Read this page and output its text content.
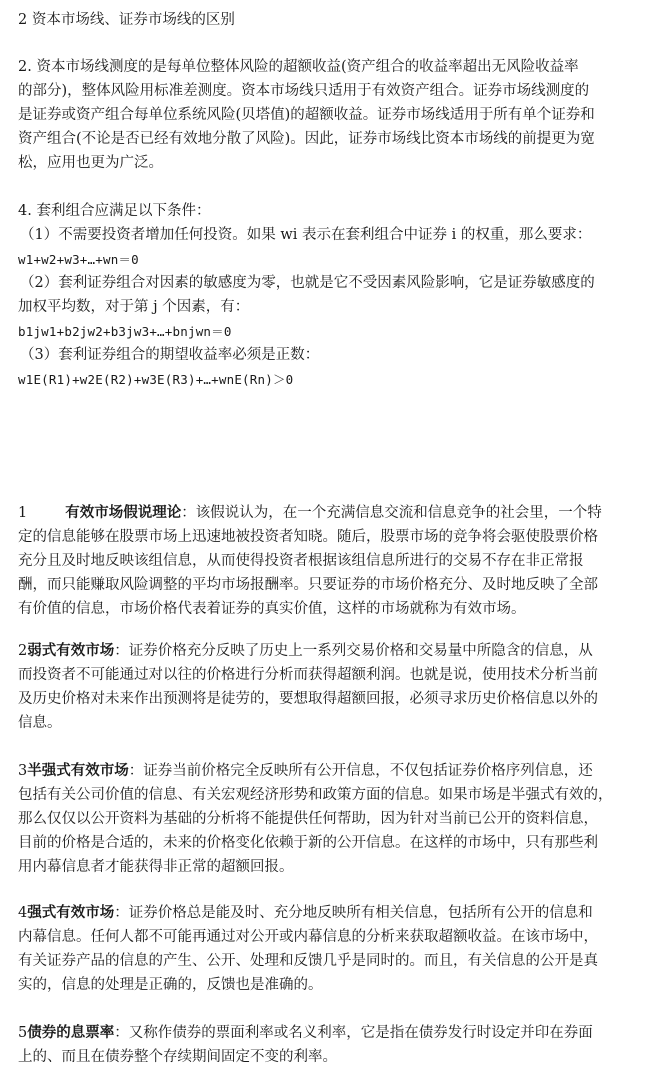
2 资本市场线、证券市场线的区别
2. 资本市场线测度的是每单位整体风险的超额收益(资产组合的收益率超出无风险收益率
的部分)，整体风险用标准差测度。资本市场线只适用于有效资产组合。证券市场线测度的
是证券或资产组合每单位系统风险(贝塔值)的超额收益。证券市场线适用于所有单个证券和
资产组合(不论是否已经有效地分散了风险)。因此，证券市场线比资本市场线的前提更为宽
松，应用也更为广泛。
4. 套利组合应满足以下条件：
（1）不需要投资者增加任何投资。如果 wi 表示在套利组合中证券 i 的权重，那么要求：
w1+w2+w3+…+wn＝0
（2）套利证券组合对因素的敏感度为零，也就是它不受因素风险影响，它是证券敏感度的
加权平均数，对于第 j 个因素，有：
b1jw1+b2jw2+b3jw3+…+bnjwn＝0
（3）套利证券组合的期望收益率必须是正数：
w1E(R1)+w2E(R2)+w3E(R3)+…+wnE(Rn)＞0
1	有效市场假说理论：该假说认为，在一个充满信息交流和信息竞争的社会里，一个特
定的信息能够在股票市场上迅速地被投资者知晓。随后，股票市场的竞争将会驱使股票价格
充分且及时地反映该组信息，从而使得投资者根据该组信息所进行的交易不存在非正常报
酬，而只能赚取风险调整的平均市场报酬率。只要证券的市场价格充分、及时地反映了全部
有价值的信息，市场价格代表着证券的真实价值，这样的市场就称为有效市场。
2弱式有效市场：证券价格充分反映了历史上一系列交易价格和交易量中所隐含的信息，从
而投资者不可能通过对以往的价格进行分析而获得超额利润。也就是说，使用技术分析当前
及历史价格对未来作出预测将是徒劳的，要想取得超额回报，必须寻求历史价格信息以外的
信息。
3半强式有效市场：证券当前价格完全反映所有公开信息，不仅包括证券价格序列信息，还
包括有关公司价值的信息、有关宏观经济形势和政策方面的信息。如果市场是半强式有效的，
那么仅仅以公开资料为基础的分析将不能提供任何帮助，因为针对当前已公开的资料信息，
目前的价格是合适的，未来的价格变化依赖于新的公开信息。在这样的市场中，只有那些利
用内幕信息者才能获得非正常的超额回报。
4强式有效市场：证券价格总是能及时、充分地反映所有相关信息，包括所有公开的信息和
内幕信息。任何人都不可能再通过对公开或内幕信息的分析来获取超额收益。在该市场中，
有关证券产品的信息的产生、公开、处理和反馈几乎是同时的。而且，有关信息的公开是真
实的，信息的处理是正确的，反馈也是准确的。
5债券的息票率：又称作债券的票面利率或名义利率，它是指在债券发行时设定并印在券面
上的、而且在债券整个存续期间固定不变的利率。
